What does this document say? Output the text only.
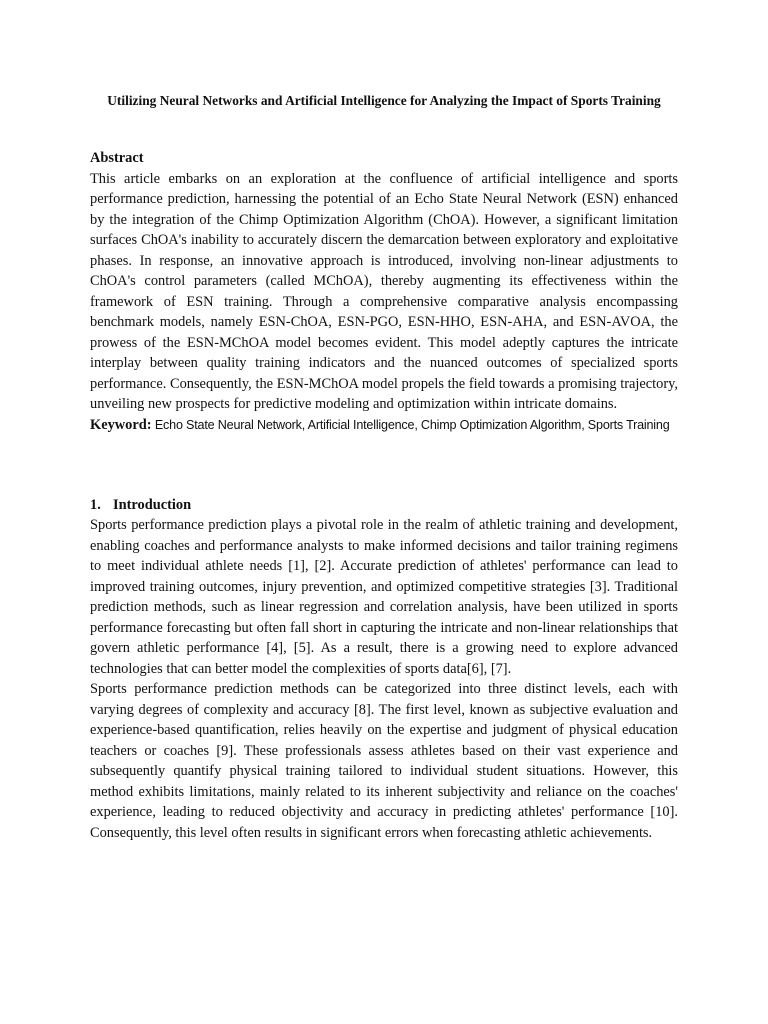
Utilizing Neural Networks and Artificial Intelligence for Analyzing the Impact of Sports Training
Abstract

This article embarks on an exploration at the confluence of artificial intelligence and sports performance prediction, harnessing the potential of an Echo State Neural Network (ESN) enhanced by the integration of the Chimp Optimization Algorithm (ChOA). However, a significant limitation surfaces ChOA's inability to accurately discern the demarcation between exploratory and exploitative phases. In response, an innovative approach is introduced, involving non-linear adjustments to ChOA's control parameters (called MChOA), thereby augmenting its effectiveness within the framework of ESN training. Through a comprehensive comparative analysis encompassing benchmark models, namely ESN-ChOA, ESN-PGO, ESN-HHO, ESN-AHA, and ESN-AVOA, the prowess of the ESN-MChOA model becomes evident. This model adeptly captures the intricate interplay between quality training indicators and the nuanced outcomes of specialized sports performance. Consequently, the ESN-MChOA model propels the field towards a promising trajectory, unveiling new prospects for predictive modeling and optimization within intricate domains.

Keyword: Echo State Neural Network, Artificial Intelligence, Chimp Optimization Algorithm, Sports Training

1. Introduction

Sports performance prediction plays a pivotal role in the realm of athletic training and development, enabling coaches and performance analysts to make informed decisions and tailor training regimens to meet individual athlete needs [1], [2]. Accurate prediction of athletes' performance can lead to improved training outcomes, injury prevention, and optimized competitive strategies [3]. Traditional prediction methods, such as linear regression and correlation analysis, have been utilized in sports performance forecasting but often fall short in capturing the intricate and non-linear relationships that govern athletic performance [4], [5]. As a result, there is a growing need to explore advanced technologies that can better model the complexities of sports data[6], [7].

Sports performance prediction methods can be categorized into three distinct levels, each with varying degrees of complexity and accuracy [8]. The first level, known as subjective evaluation and experience-based quantification, relies heavily on the expertise and judgment of physical education teachers or coaches [9]. These professionals assess athletes based on their vast experience and subsequently quantify physical training tailored to individual student situations. However, this method exhibits limitations, mainly related to its inherent subjectivity and reliance on the coaches' experience, leading to reduced objectivity and accuracy in predicting athletes' performance [10]. Consequently, this level often results in significant errors when forecasting athletic achievements.
